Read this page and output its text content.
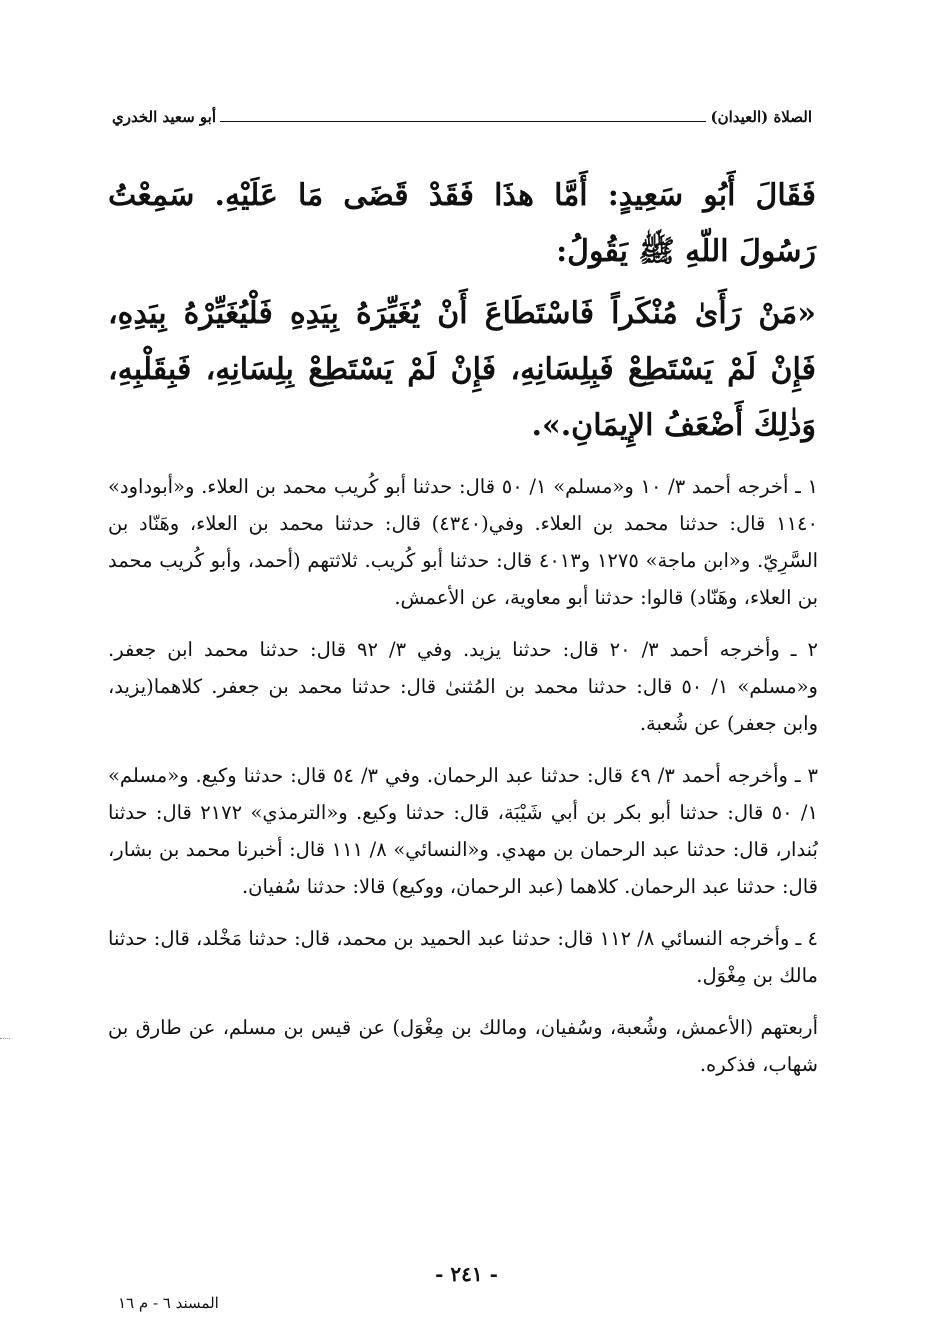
الصلاة (العيدان)
أبو سعيد الخدري

فَقَالَ أَبُو سَعِيدٍ: أَمَّا هذَا فَقَدْ قَضَى مَا عَلَيْهِ. سَمِعْتُ رَسُولَ اللّهِ ﷺ يَقُولُ:

«مَنْ رَأَىٰ مُنْكَراً فَاسْتَطَاعَ أَنْ يُغَيِّرَهُ بِيَدِهِ فَلْيُغَيِّرْهُ بِيَدِهِ، فَإِنْ لَمْ يَسْتَطِعْ فَبِلِسَانِهِ، فَإِنْ لَمْ يَسْتَطِعْ بِلِسَانِهِ، فَبِقَلْبِهِ، وَذٰلِكَ أَضْعَفُ الإِيمَانِ.».

١ ـ أخرجه أحمد ٣/ ١٠ و«مسلم» ١/ ٥٠ قال: حدثنا أبو كُريب محمد بن العلاء. و«أبوداود» ١١٤٠ قال: حدثنا محمد بن العلاء. وفي(٤٣٤٠) قال: حدثنا محمد بن العلاء، وهَنّاد بن السَّرِيّ. و«ابن ماجة» ١٢٧٥ و٤٠١٣ قال: حدثنا أبو كُريب. ثلاثتهم (أحمد، وأبو كُريب محمد بن العلاء، وهَنّاد) قالوا: حدثنا أبو معاوية، عن الأعمش.

٢ ـ وأخرجه أحمد ٣/ ٢٠ قال: حدثنا يزيد. وفي ٣/ ٩٢ قال: حدثنا محمد ابن جعفر. و«مسلم» ١/ ٥٠ قال: حدثنا محمد بن المُثنىٰ قال: حدثنا محمد بن جعفر. كلاهما(يزيد، وابن جعفر) عن شُعبة.

٣ ـ وأخرجه أحمد ٣/ ٤٩ قال: حدثنا عبد الرحمان. وفي ٣/ ٥٤ قال: حدثنا وكيع. و«مسلم» ١/ ٥٠ قال: حدثنا أبو بكر بن أبي شَيْبَة، قال: حدثنا وكيع. و«الترمذي» ٢١٧٢ قال: حدثنا بُندار، قال: حدثنا عبد الرحمان بن مهدي. و«النسائي» ٨/ ١١١ قال: أخبرنا محمد بن بشار، قال: حدثنا عبد الرحمان. كلاهما (عبد الرحمان، ووكيع) قالا: حدثنا سُفيان.

٤ ـ وأخرجه النسائي ٨/ ١١٢ قال: حدثنا عبد الحميد بن محمد، قال: حدثنا مَخْلد، قال: حدثنا مالك بن مِغْوَل.

أربعتهم (الأعمش، وشُعبة، وسُفيان، ومالك بن مِغْوَل) عن قيس بن مسلم، عن طارق بن شهاب، فذكره.

- ٢٤١ -
المسند ٦ - م ١٦
